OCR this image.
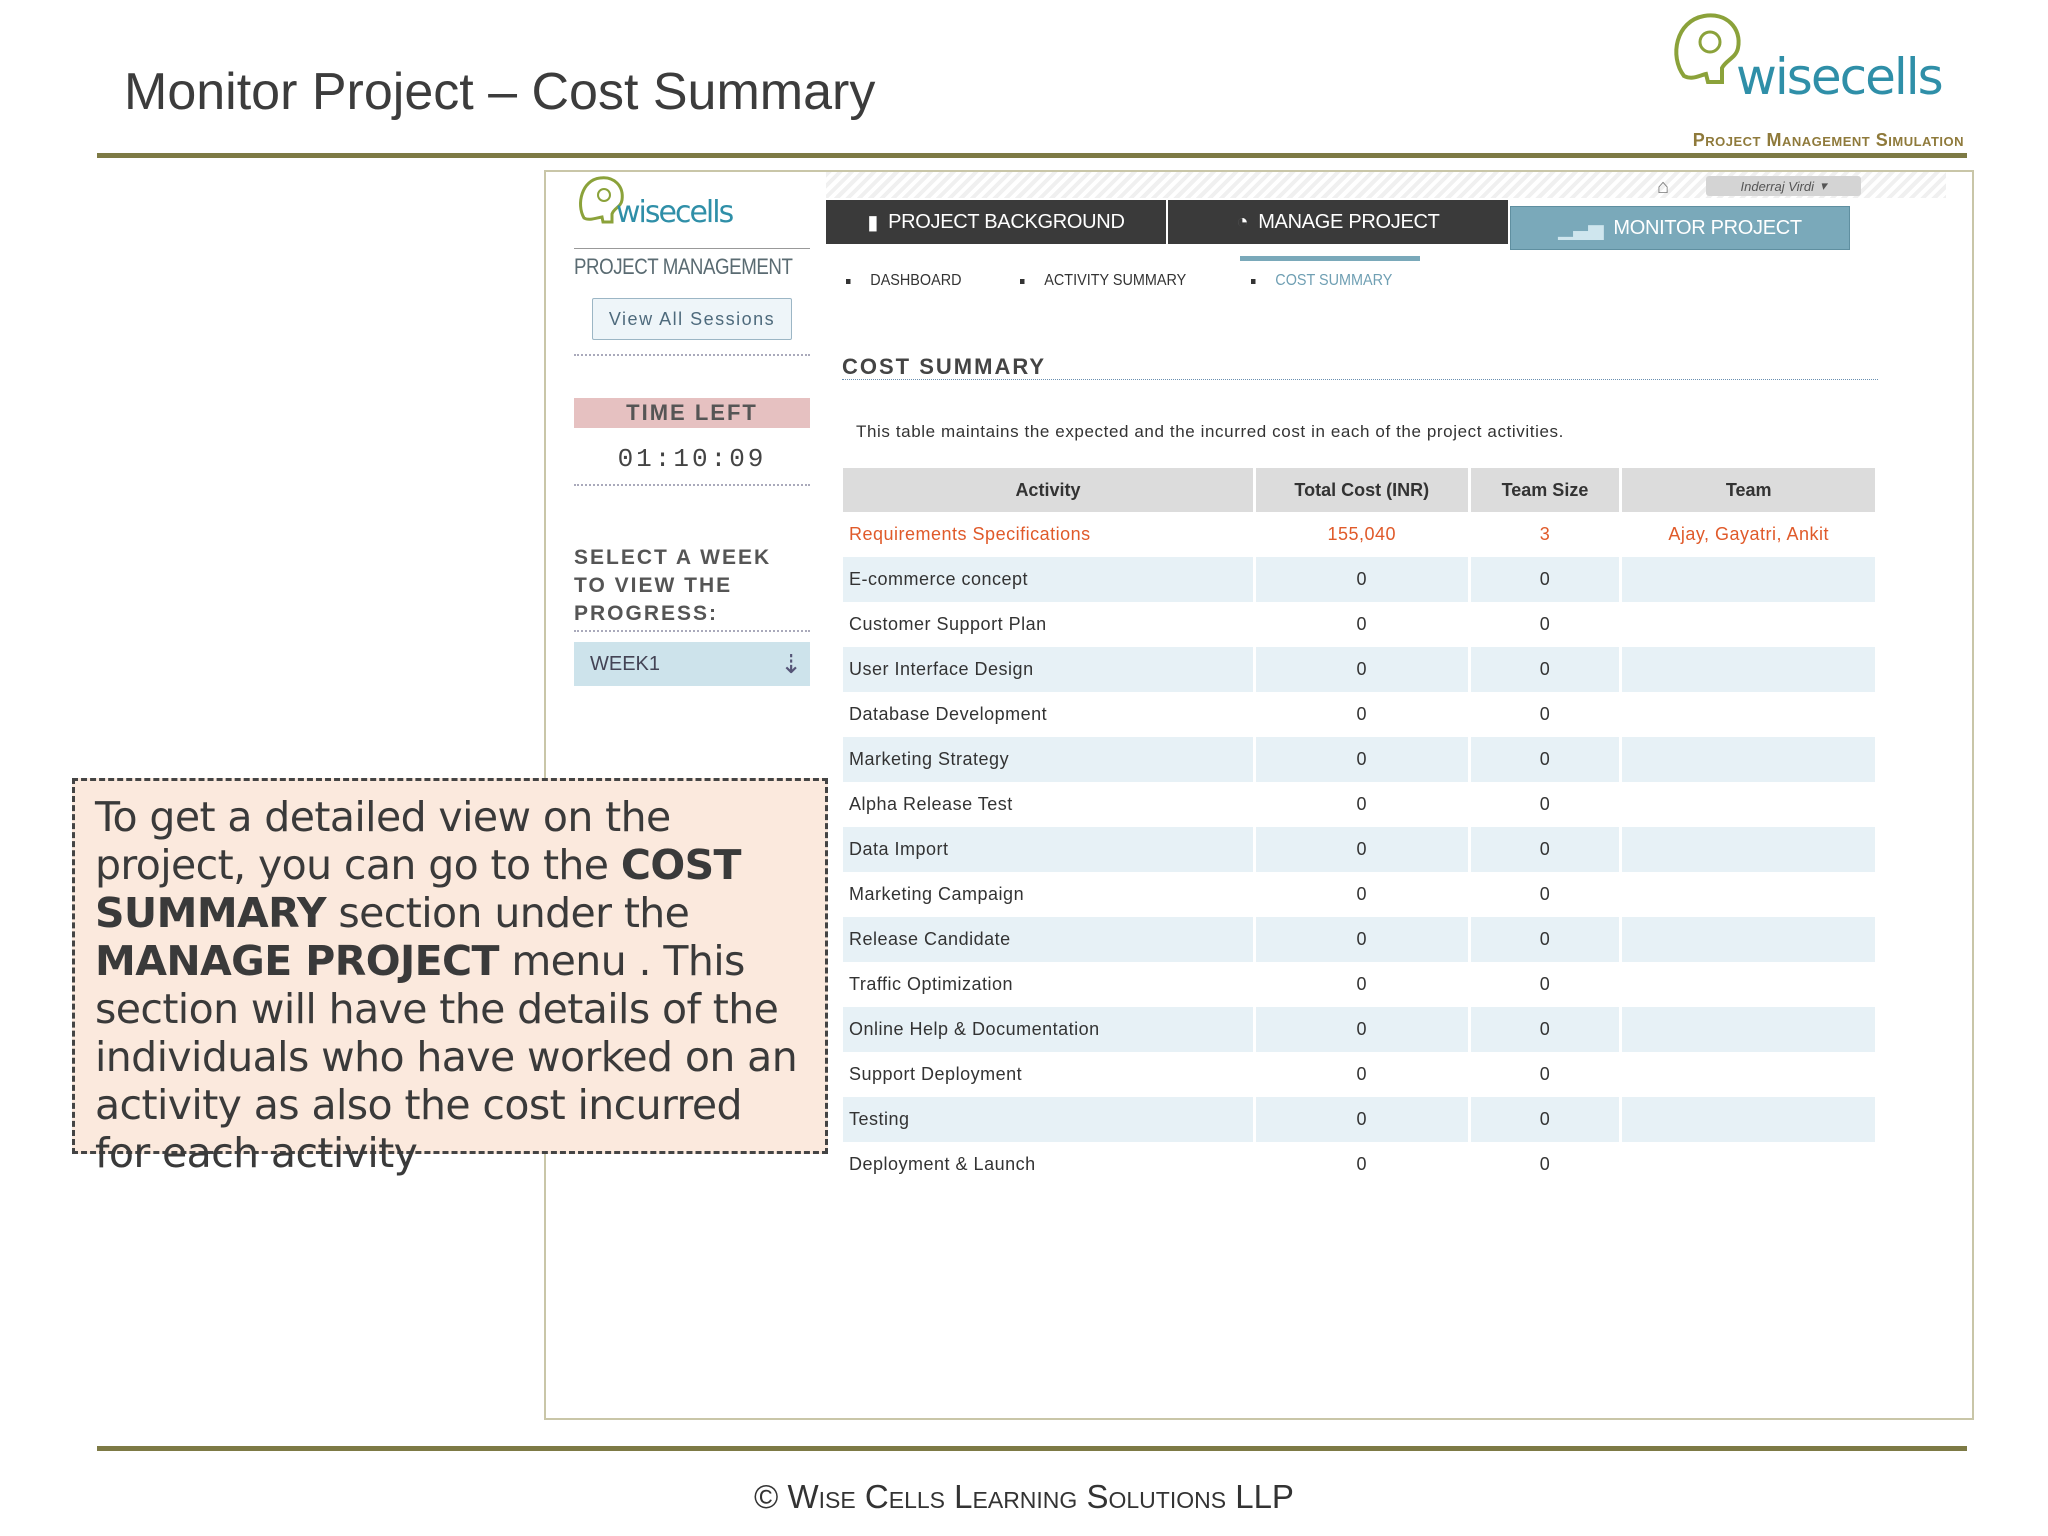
Monitor Project – Cost Summary	wisecells
Project Management Simulation
wisecells
PROJECT MANAGEMENT
View All Sessions
TIME LEFT
01:10:09
SELECT A WEEK TO VIEW THE PROGRESS:
WEEK1	⇣
⌂	Inderraj Virdi ▾
▮ PROJECT BACKGROUND	◔ MANAGE PROJECT	▁▃▅ MONITOR PROJECT
DASHBOARD	ACTIVITY SUMMARY	COST SUMMARY
COST SUMMARY
This table maintains the expected and the incurred cost in each of the project activities.
Activity	Total Cost (INR)	Team Size	Team
Requirements Specifications	155,040	3	Ajay, Gayatri, Ankit
E-commerce concept	0	0	
Customer Support Plan	0	0	
User Interface Design	0	0	
Database Development	0	0	
Marketing Strategy	0	0	
Alpha Release Test	0	0	
Data Import	0	0	
Marketing Campaign	0	0	
Release Candidate	0	0	
Traffic Optimization	0	0	
Online Help & Documentation	0	0	
Support Deployment	0	0	
Testing	0	0	
Deployment & Launch	0	0	
To get a detailed view on the project, you can go to the COST SUMMARY section under the MANAGE PROJECT menu . This section will have the details of the individuals who have worked on an activity as also the cost incurred for each activity
© Wise Cells Learning Solutions LLP
